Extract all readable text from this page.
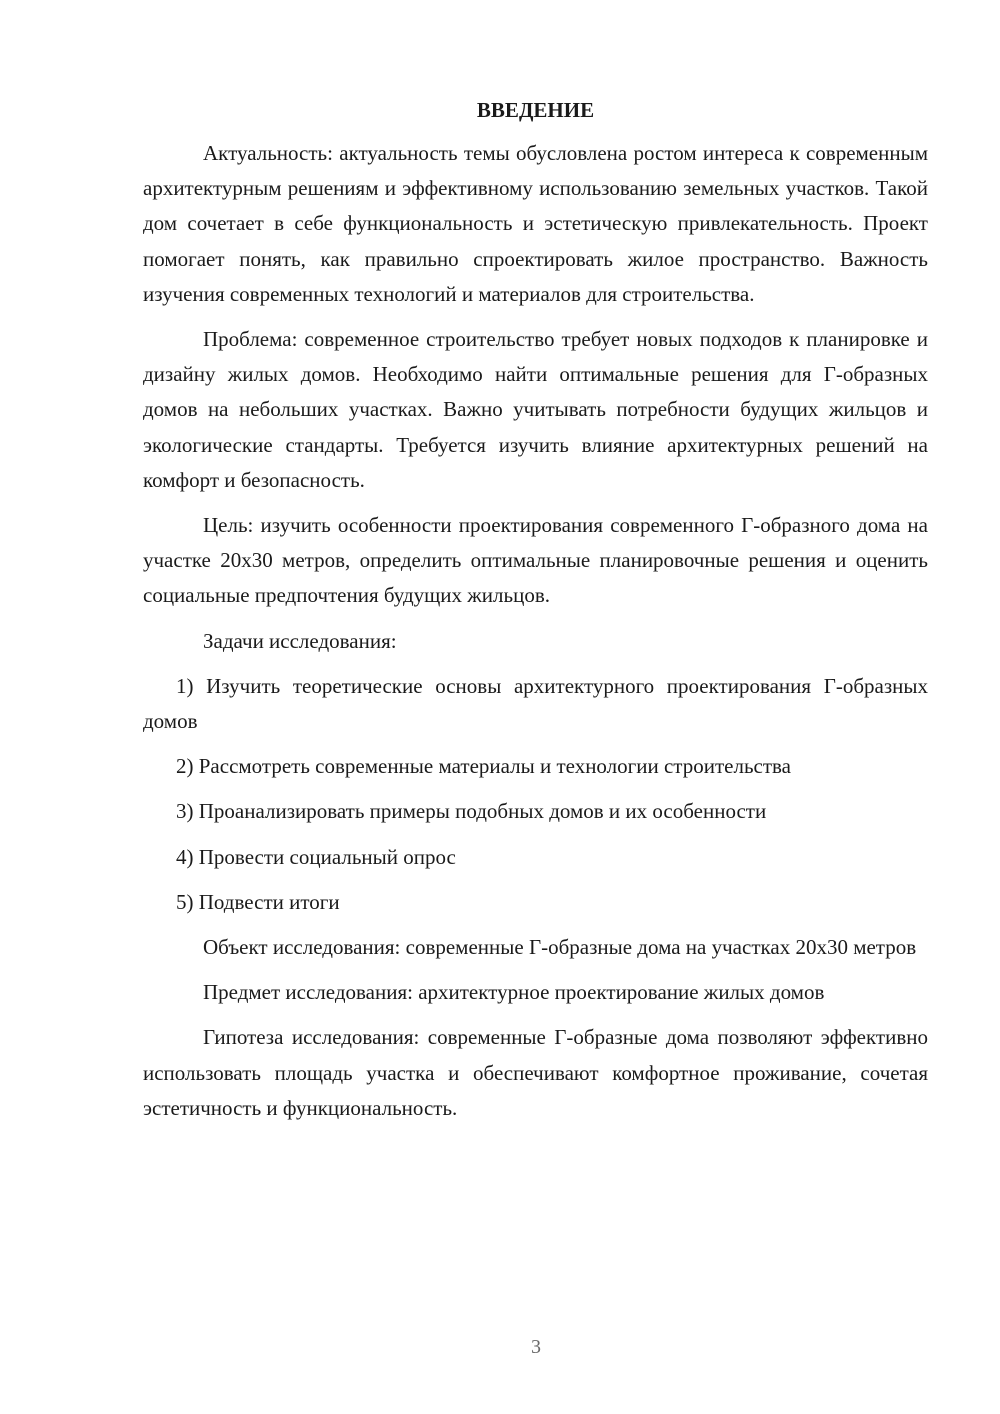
ВВЕДЕНИЕ

Актуальность: актуальность темы обусловлена ростом интереса к современным архитектурным решениям и эффективному использованию земельных участков. Такой дом сочетает в себе функциональность и эстетическую привлекательность. Проект помогает понять, как правильно спроектировать жилое пространство. Важность изучения современных технологий и материалов для строительства.

Проблема: современное строительство требует новых подходов к планировке и дизайну жилых домов. Необходимо найти оптимальные решения для Г-образных домов на небольших участках. Важно учитывать потребности будущих жильцов и экологические стандарты. Требуется изучить влияние архитектурных решений на комфорт и безопасность.

Цель: изучить особенности проектирования современного Г-образного дома на участке 20х30 метров, определить оптимальные планировочные решения и оценить социальные предпочтения будущих жильцов.

Задачи исследования:

1) Изучить теоретические основы архитектурного проектирования Г-образных домов

2) Рассмотреть современные материалы и технологии строительства

3) Проанализировать примеры подобных домов и их особенности

4) Провести социальный опрос

5) Подвести итоги

Объект исследования: современные Г-образные дома на участках 20х30 метров

Предмет исследования: архитектурное проектирование жилых домов

Гипотеза исследования: современные Г-образные дома позволяют эффективно использовать площадь участка и обеспечивают комфортное проживание, сочетая эстетичность и функциональность.

3
